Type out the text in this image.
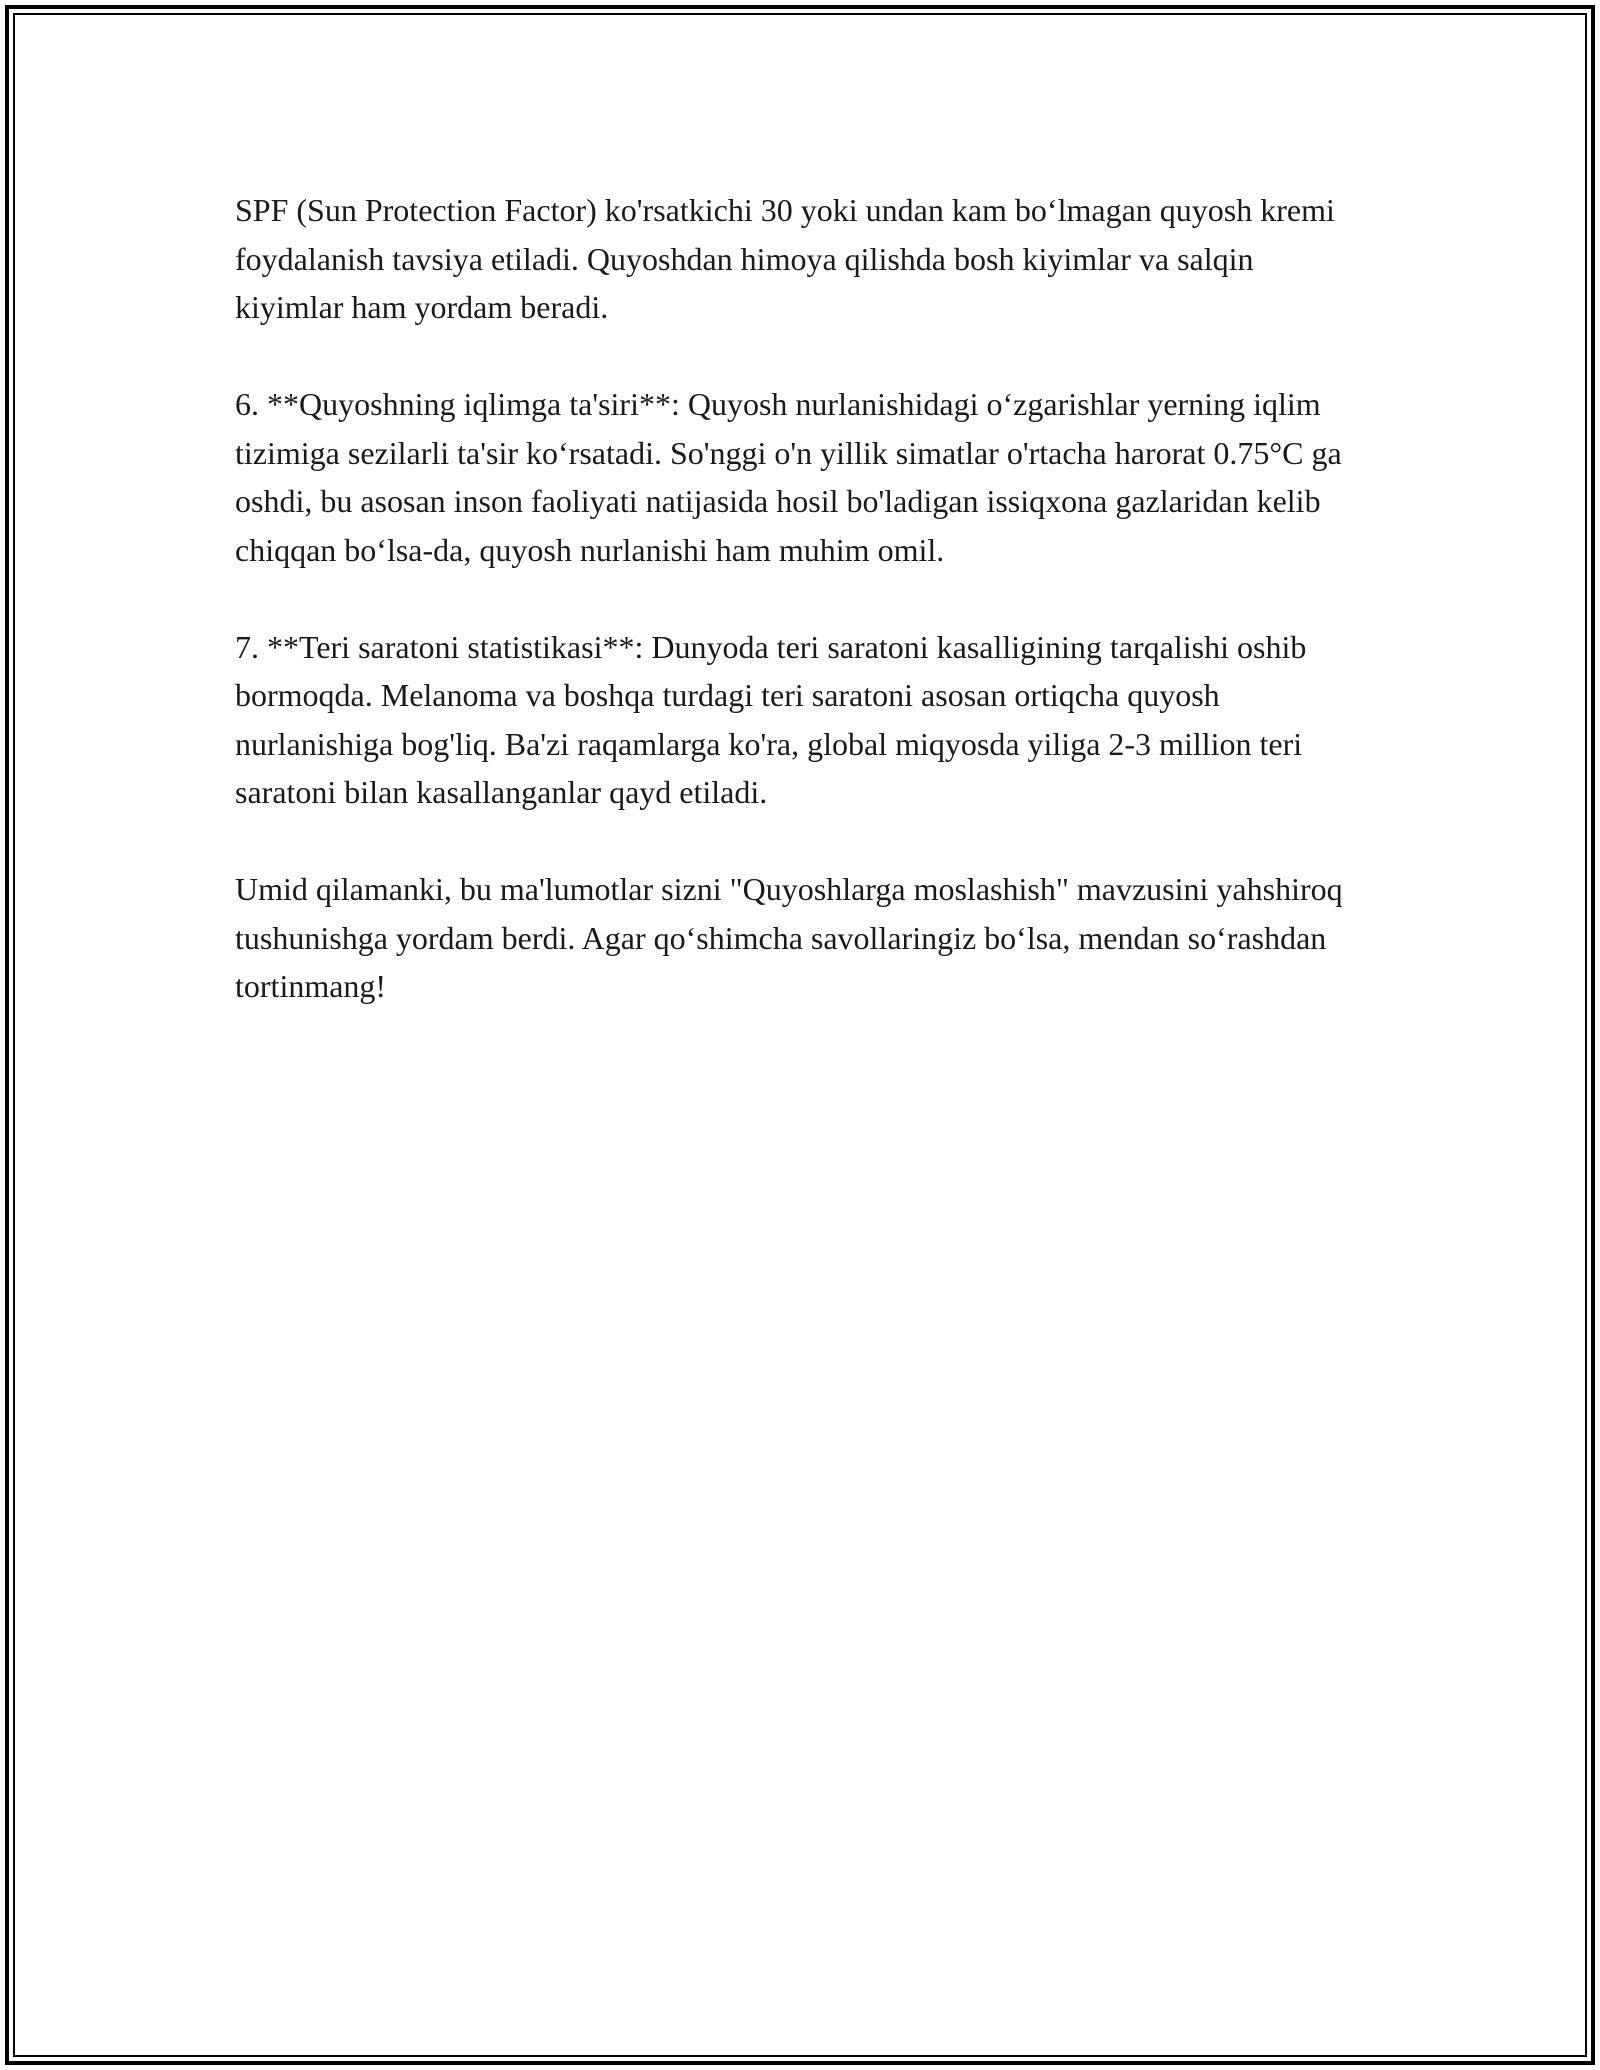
SPF (Sun Protection Factor) ko'rsatkichi 30 yoki undan kam bo‘lmagan quyosh kremi foydalanish tavsiya etiladi. Quyoshdan himoya qilishda bosh kiyimlar va salqin kiyimlar ham yordam beradi.

6. **Quyoshning iqlimga ta'siri**: Quyosh nurlanishidagi o‘zgarishlar yerning iqlim tizimiga sezilarli ta'sir ko‘rsatadi. So'nggi o'n yillik simatlar o'rtacha harorat 0.75°C ga oshdi, bu asosan inson faoliyati natijasida hosil bo'ladigan issiqxona gazlaridan kelib chiqqan bo‘lsa-da, quyosh nurlanishi ham muhim omil.

7. **Teri saratoni statistikasi**: Dunyoda teri saratoni kasalligining tarqalishi oshib bormoqda. Melanoma va boshqa turdagi teri saratoni asosan ortiqcha quyosh nurlanishiga bog'liq. Ba'zi raqamlarga ko'ra, global miqyosda yiliga 2-3 million teri saratoni bilan kasallanganlar qayd etiladi.

Umid qilamanki, bu ma'lumotlar sizni "Quyoshlarga moslashish" mavzusini yahshiroq tushunishga yordam berdi. Agar qo‘shimcha savollaringiz bo‘lsa, mendan so‘rashdan tortinmang!
